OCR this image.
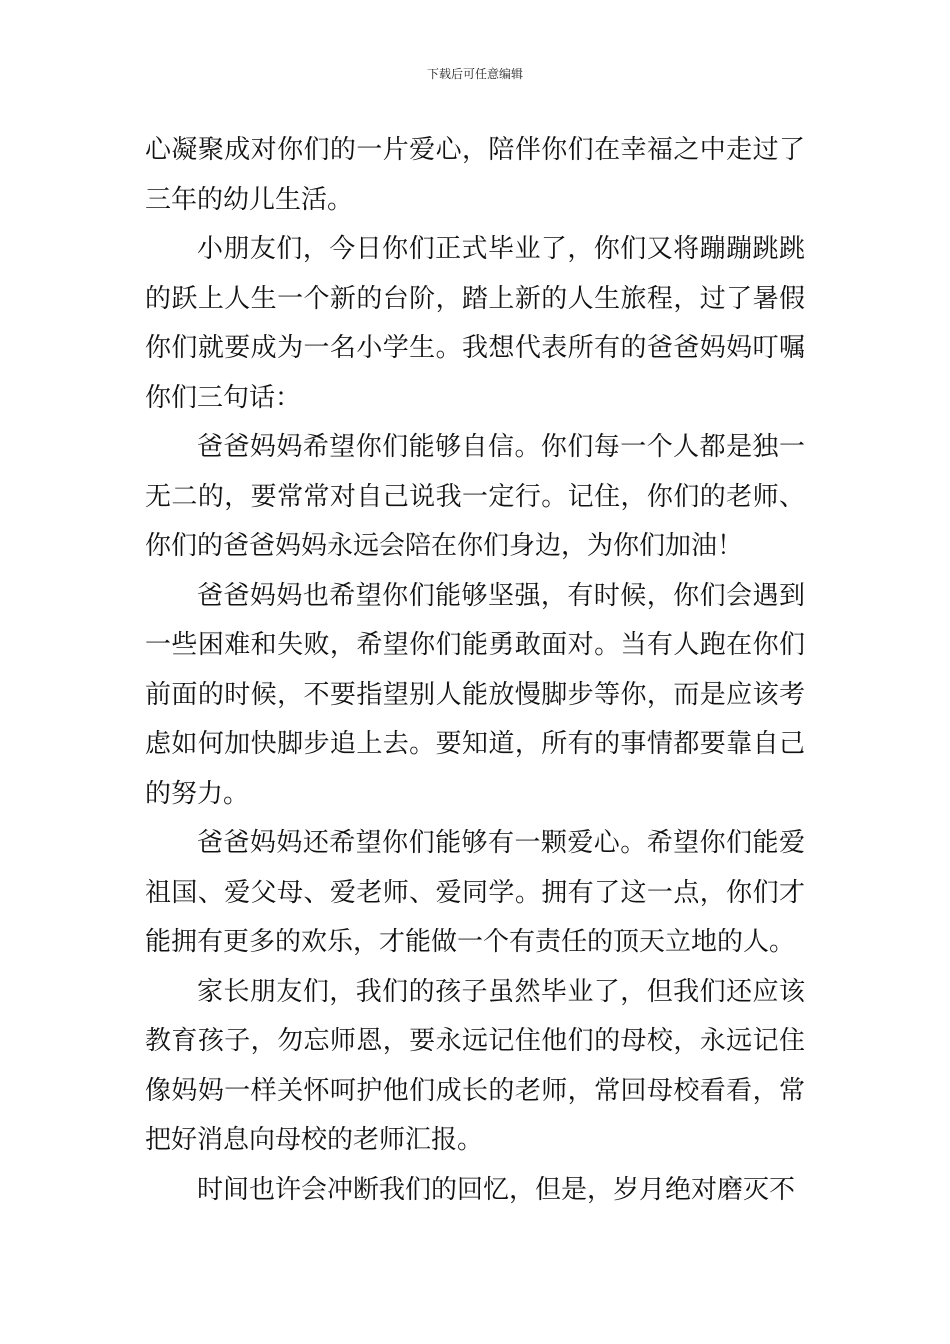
下载后可任意编辑

心凝聚成对你们的一片爱心，陪伴你们在幸福之中走过了三年的幼儿生活。

小朋友们，今日你们正式毕业了，你们又将蹦蹦跳跳的跃上人生一个新的台阶，踏上新的人生旅程，过了暑假你们就要成为一名小学生。我想代表所有的爸爸妈妈叮嘱你们三句话：

爸爸妈妈希望你们能够自信。你们每一个人都是独一无二的，要常常对自己说我一定行。记住，你们的老师、你们的爸爸妈妈永远会陪在你们身边，为你们加油！

爸爸妈妈也希望你们能够坚强，有时候，你们会遇到一些困难和失败，希望你们能勇敢面对。当有人跑在你们前面的时候，不要指望别人能放慢脚步等你，而是应该考虑如何加快脚步追上去。要知道，所有的事情都要靠自己的努力。

爸爸妈妈还希望你们能够有一颗爱心。希望你们能爱祖国、爱父母、爱老师、爱同学。拥有了这一点，你们才能拥有更多的欢乐，才能做一个有责任的顶天立地的人。

家长朋友们，我们的孩子虽然毕业了，但我们还应该教育孩子，勿忘师恩，要永远记住他们的母校，永远记住像妈妈一样关怀呵护他们成长的老师，常回母校看看，常把好消息向母校的老师汇报。

时间也许会冲断我们的回忆，但是，岁月绝对磨灭不
